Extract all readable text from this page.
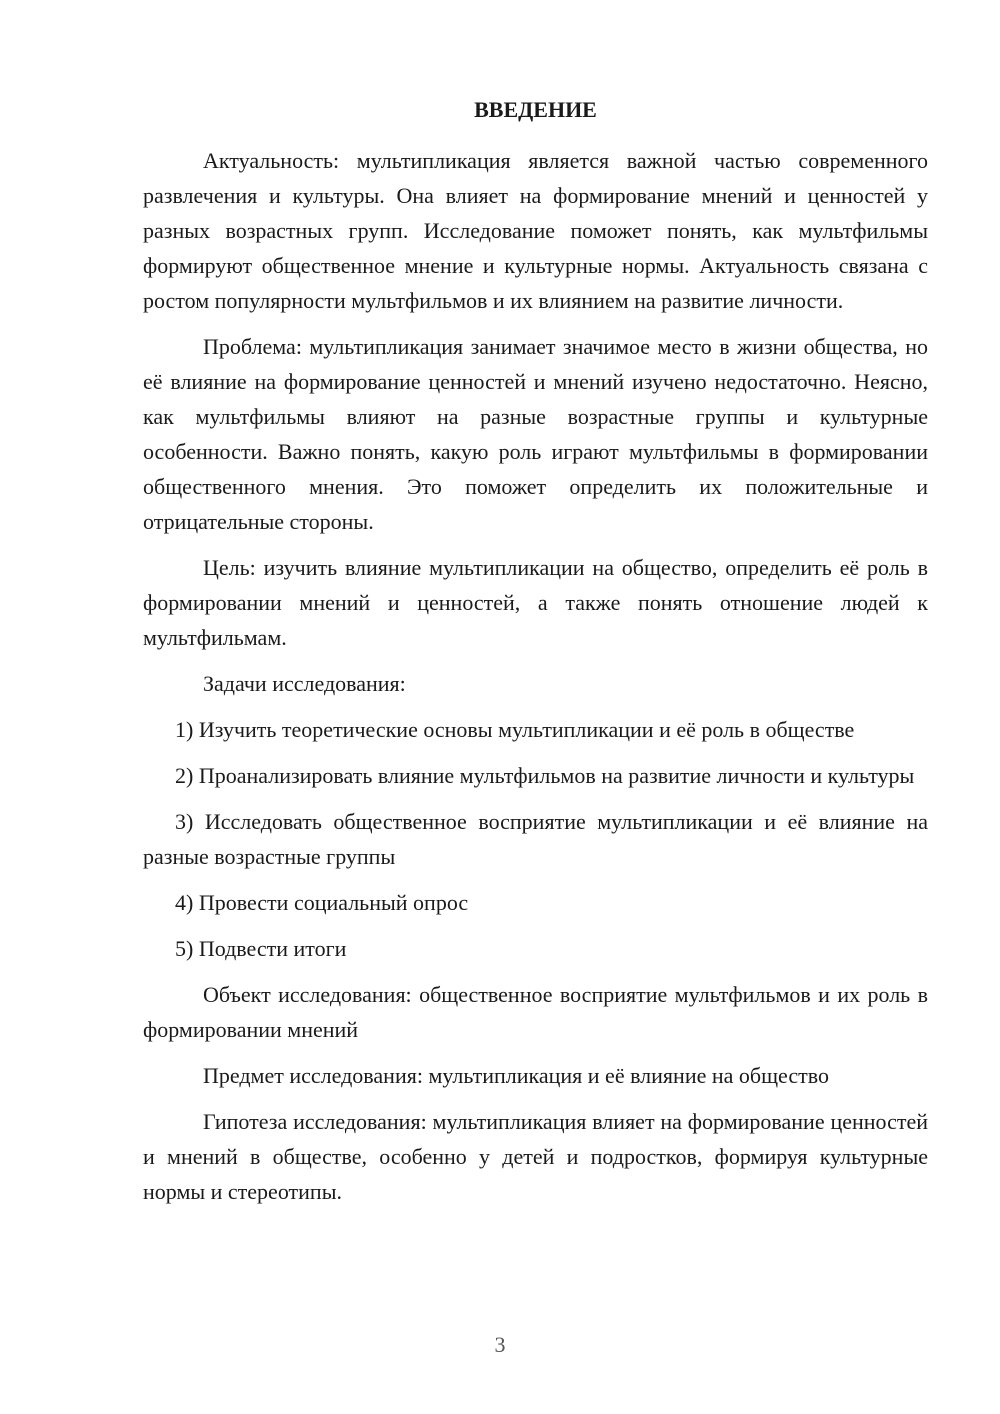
ВВЕДЕНИЕ

Актуальность: мультипликация является важной частью современного развлечения и культуры. Она влияет на формирование мнений и ценностей у разных возрастных групп. Исследование поможет понять, как мультфильмы формируют общественное мнение и культурные нормы. Актуальность связана с ростом популярности мультфильмов и их влиянием на развитие личности.

Проблема: мультипликация занимает значимое место в жизни общества, но её влияние на формирование ценностей и мнений изучено недостаточно. Неясно, как мультфильмы влияют на разные возрастные группы и культурные особенности. Важно понять, какую роль играют мультфильмы в формировании общественного мнения. Это поможет определить их положительные и отрицательные стороны.

Цель: изучить влияние мультипликации на общество, определить её роль в формировании мнений и ценностей, а также понять отношение людей к мультфильмам.

Задачи исследования:

1) Изучить теоретические основы мультипликации и её роль в обществе

2) Проанализировать влияние мультфильмов на развитие личности и культуры

3) Исследовать общественное восприятие мультипликации и её влияние на разные возрастные группы

4) Провести социальный опрос

5) Подвести итоги

Объект исследования: общественное восприятие мультфильмов и их роль в формировании мнений

Предмет исследования: мультипликация и её влияние на общество

Гипотеза исследования: мультипликация влияет на формирование ценностей и мнений в обществе, особенно у детей и подростков, формируя культурные нормы и стереотипы.

3
